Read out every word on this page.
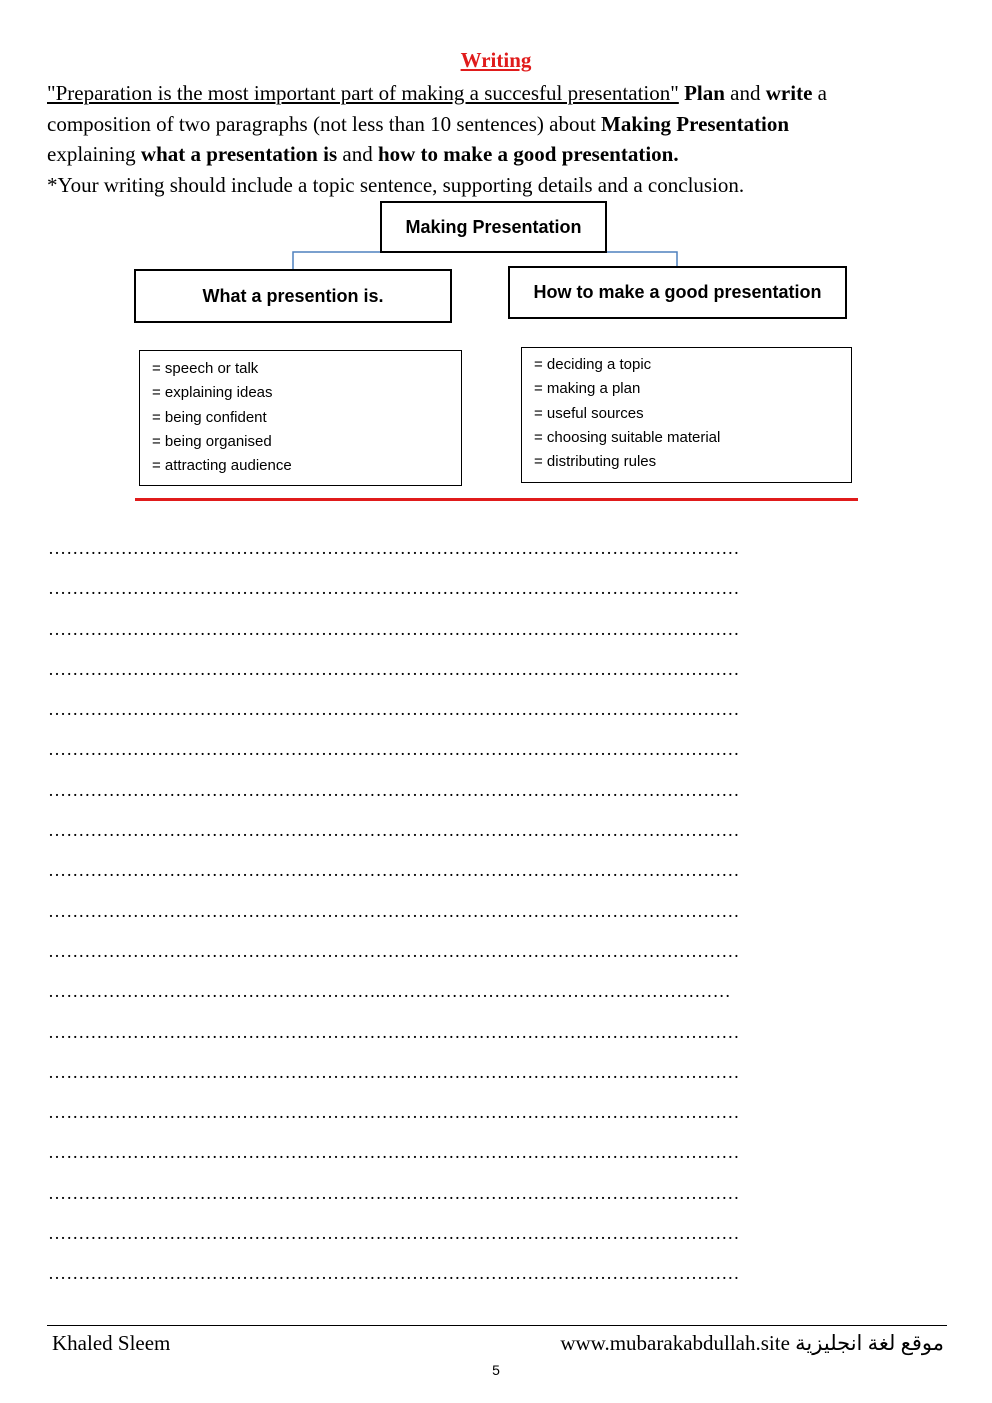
Writing

"Preparation is the most important part of making a succesful presentation" Plan and write a

composition of two paragraphs (not less than 10 sentences) about Making Presentation

explaining what a presentation is and how to make a good presentation.

*Your writing should include a topic sentence, supporting details and a conclusion.

Making Presentation
What a presention is.	How to make a good presentation
= speech or talk
= explaining ideas
= being confident
= being organised
= attracting audience
= deciding a topic
= making a plan
= useful sources
= choosing suitable material
= distributing rules
……………………………………………………………………………………………………
……………………………………………………………………………………………………
……………………………………………………………………………………………………
……………………………………………………………………………………………………
……………………………………………………………………………………………………
……………………………………………………………………………………………………
……………………………………………………………………………………………………
……………………………………………………………………………………………………
……………………………………………………………………………………………………
……………………………………………………………………………………………………
……………………………………………………………………………………………………
………………………………………………..…………………………………………………
……………………………………………………………………………………………………
……………………………………………………………………………………………………
……………………………………………………………………………………………………
……………………………………………………………………………………………………
……………………………………………………………………………………………………
……………………………………………………………………………………………………
……………………………………………………………………………………………………
Khaled Sleem	www.mubarakabdullah.site موقع لغة انجليزية
5
